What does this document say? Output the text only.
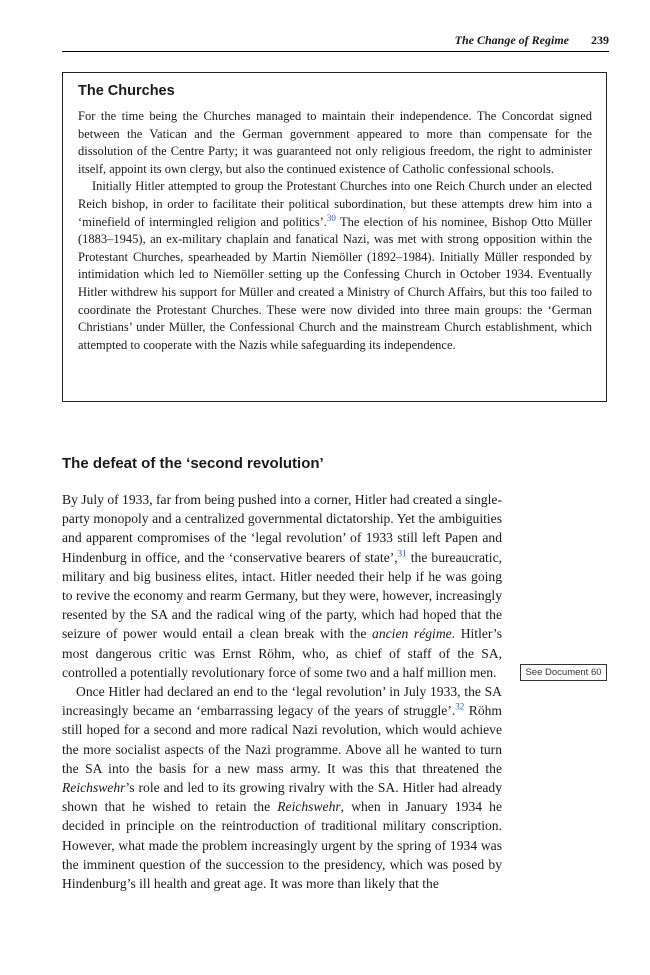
The Change of Regime 239
The Churches

For the time being the Churches managed to maintain their independence. The Concordat signed between the Vatican and the German government appeared to more than compensate for the dissolution of the Centre Party; it was guaranteed not only religious freedom, the right to administer itself, appoint its own clergy, but also the continued existence of Catholic confessional schools.

Initially Hitler attempted to group the Protestant Churches into one Reich Church under an elected Reich bishop, in order to facilitate their political subordination, but these attempts drew him into a ‘minefield of intermingled religion and politics’.$^{30}$ The election of his nominee, Bishop Otto Müller (1883–1945), an ex-military chaplain and fanatical Nazi, was met with strong opposition within the Protestant Churches, spearheaded by Martin Niemöller (1892–1984). Initially Müller responded by intimidation which led to Niemöller setting up the Confessing Church in October 1934. Eventually Hitler withdrew his support for Müller and created a Ministry of Church Affairs, but this too failed to coordinate the Protestant Churches. These were now divided into three main groups: the ‘German Christians’ under Müller, the Confessional Church and the mainstream Church establishment, which attempted to cooperate with the Nazis while safeguarding its independence.

The defeat of the ‘second revolution’

By July of 1933, far from being pushed into a corner, Hitler had created a single-party monopoly and a centralized governmental dictatorship. Yet the ambiguities and apparent compromises of the ‘legal revolution’ of 1933 still left Papen and Hindenburg in office, and the ‘conservative bearers of state’,$^{31}$ the bureaucratic, military and big business elites, intact. Hitler needed their help if he was going to revive the economy and rearm Germany, but they were, however, increasingly resented by the SA and the radical wing of the party, which had hoped that the seizure of power would entail a clean break with the ancien régime. Hitler’s most dangerous critic was Ernst Röhm, who, as chief of staff of the SA, controlled a potentially revolutionary force of some two and a half million men.

Once Hitler had declared an end to the ‘legal revolution’ in July 1933, the SA increasingly became an ‘embarrassing legacy of the years of struggle’.$^{32}$ Röhm still hoped for a second and more radical Nazi revolution, which would achieve the more socialist aspects of the Nazi programme. Above all he wanted to turn the SA into the basis for a new mass army. It was this that threatened the Reichswehr’s role and led to its growing rivalry with the SA. Hitler had already shown that he wished to retain the Reichswehr, when in January 1934 he decided in principle on the reintroduction of traditional military conscription. However, what made the problem increasingly urgent by the spring of 1934 was the imminent question of the succession to the presidency, which was posed by Hindenburg’s ill health and great age. It was more than likely that the

See Document 60
